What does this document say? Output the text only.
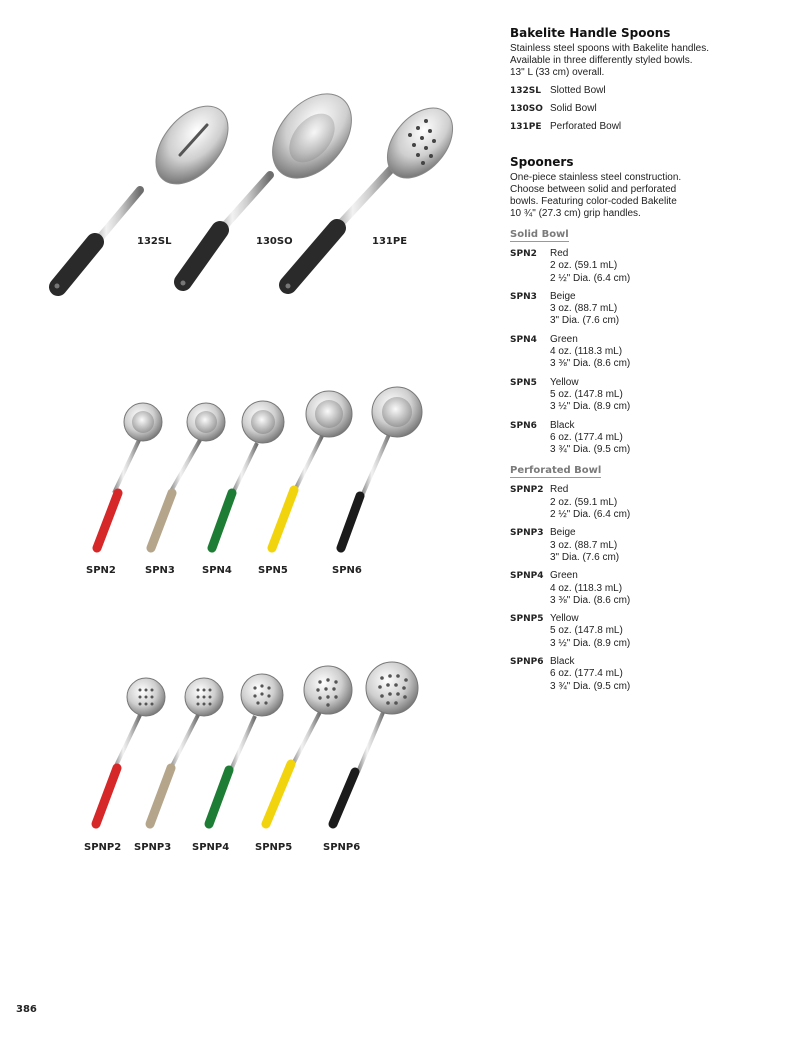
132SL	130SO	131PE
SPN2	SPN3	SPN4	SPN5	SPN6
SPNP2 SPNP3 SPNP4	SPNP5	SPNP6
Bakelite Handle Spoons

Stainless steel spoons with Bakelite handles.

Available in three differently styled bowls.

13" L (33 cm) overall.

132SL Slotted Bowl
130SO Solid Bowl
131PE Perforated Bowl
Spooners

One-piece stainless steel construction.

Choose between solid and perforated

bowls. Featuring color-coded Bakelite

10 ¾" (27.3 cm) grip handles.

Solid Bowl
SPN2	Red
2 oz. (59.1 mL)
2 ½" Dia. (6.4 cm)
SPN3	Beige
3 oz. (88.7 mL)
3" Dia. (7.6 cm)
SPN4	Green
4 oz. (118.3 mL)
3 ⅜" Dia. (8.6 cm)
SPN5	Yellow
5 oz. (147.8 mL)
3 ½" Dia. (8.9 cm)
SPN6	Black
6 oz. (177.4 mL)
3 ¾" Dia. (9.5 cm)
Perforated Bowl
SPNP2 Red
2 oz. (59.1 mL)
2 ½" Dia. (6.4 cm)
SPNP3 Beige
3 oz. (88.7 mL)
3" Dia. (7.6 cm)
SPNP4 Green
4 oz. (118.3 mL)
3 ⅜" Dia. (8.6 cm)
SPNP5 Yellow
5 oz. (147.8 mL)
3 ½" Dia. (8.9 cm)
SPNP6 Black
6 oz. (177.4 mL)
3 ¾" Dia. (9.5 cm)
386
